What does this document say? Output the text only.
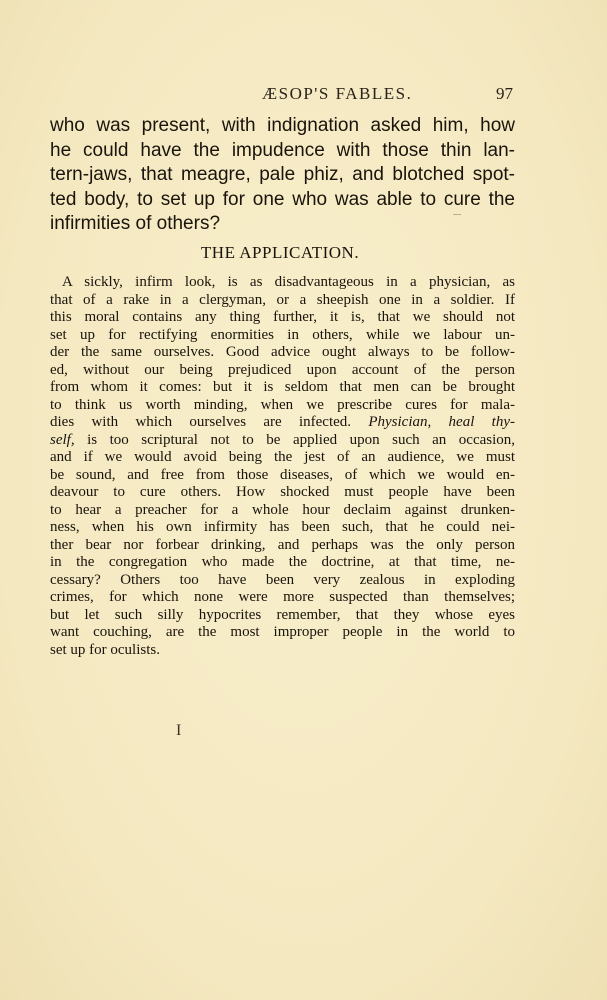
ÆSOP'S FABLES.	97
who was present, with indignation asked him, how
he could have the impudence with those thin lan-
tern-jaws, that meagre, pale phiz, and blotched spot-
ted body, to set up for one who was able to cure the
infirmities of others?
THE APPLICATION.
A sickly, infirm look, is as disadvantageous in a physician, as
that of a rake in a clergyman, or a sheepish one in a soldier. If
this moral contains any thing further, it is, that we should not
set up for rectifying enormities in others, while we labour un-
der the same ourselves. Good advice ought always to be follow-
ed, without our being prejudiced upon account of the person
from whom it comes: but it is seldom that men can be brought
to think us worth minding, when we prescribe cures for mala-
dies with which ourselves are infected. Physician, heal thy-
self, is too scriptural not to be applied upon such an occasion,
and if we would avoid being the jest of an audience, we must
be sound, and free from those diseases, of which we would en-
deavour to cure others. How shocked must people have been
to hear a preacher for a whole hour declaim against drunken-
ness, when his own infirmity has been such, that he could nei-
ther bear nor forbear drinking, and perhaps was the only person
in the congregation who made the doctrine, at that time, ne-
cessary? Others too have been very zealous in exploding
crimes, for which none were more suspected than themselves;
but let such silly hypocrites remember, that they whose eyes
want couching, are the most improper people in the world to
set up for oculists.
I
